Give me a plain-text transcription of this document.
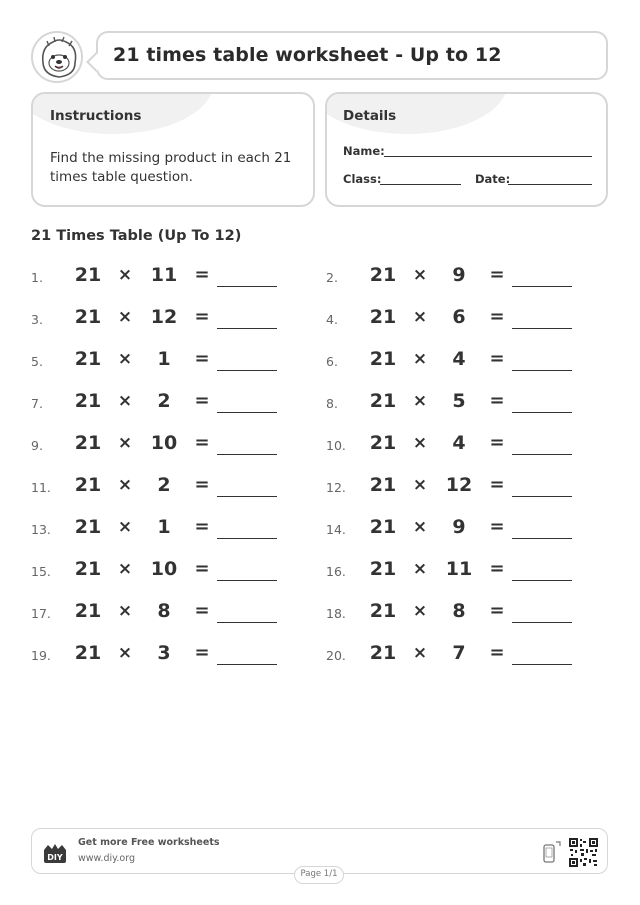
21 times table worksheet - Up to 12
Instructions
Find the missing product in each 21 times table question.
Details
Name:
Class:	Date:
21 Times Table (Up To 12)
1.	21 × 11 =	2.	21 ×	9	=
3.	21 × 12 =	4.	21 ×	6	=
5.	21 ×	1	=	6.	21 ×	4	=
7.	21 ×	2	=	8.	21 ×	5	=
9.	21 × 10 =	10.	21 ×	4	=
11.	21 ×	2	=	12.	21 × 12 =
13.	21 ×	1	=	14.	21 ×	9	=
15.	21 × 10 =	16.	21 × 11 =
17.	21 ×	8	=	18.	21 ×	8	=
19.	21 ×	3	=	20.	21 ×	7	=
DIY
Get more Free worksheets
www.diy.org
Page 1/1
